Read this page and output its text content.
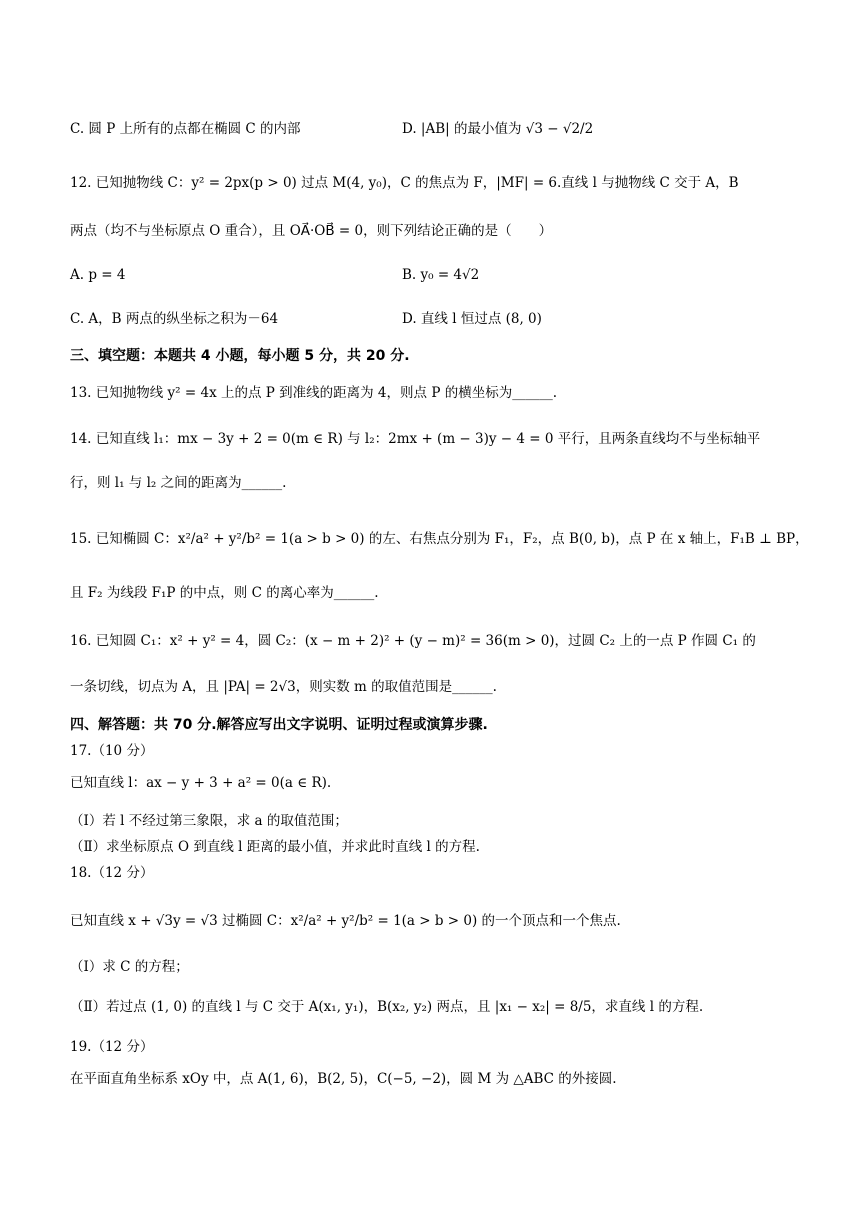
C. 圆 P 上所有的点都在椭圆 C 的内部	D. |AB| 的最小值为 √3 − √2/2
12. 已知抛物线 C：y² = 2px(p > 0) 过点 M(4, y₀)，C 的焦点为 F，|MF| = 6.直线 l 与抛物线 C 交于 A，B
两点（均不与坐标原点 O 重合），且 OA⃗·OB⃗ = 0，则下列结论正确的是（　　）
A. p = 4	B. y₀ = 4√2
C. A，B 两点的纵坐标之积为－64	D. 直线 l 恒过点 (8, 0)
三、填空题：本题共 4 小题，每小题 5 分，共 20 分.
13. 已知抛物线 y² = 4x 上的点 P 到准线的距离为 4，则点 P 的横坐标为______.
14. 已知直线 l₁：mx − 3y + 2 = 0(m ∈ R) 与 l₂：2mx + (m − 3)y − 4 = 0 平行，且两条直线均不与坐标轴平
行，则 l₁ 与 l₂ 之间的距离为______.
15. 已知椭圆 C：x²/a² + y²/b² = 1(a > b > 0) 的左、右焦点分别为 F₁，F₂，点 B(0, b)，点 P 在 x 轴上，F₁B ⊥ BP，
且 F₂ 为线段 F₁P 的中点，则 C 的离心率为______.
16. 已知圆 C₁：x² + y² = 4，圆 C₂：(x − m + 2)² + (y − m)² = 36(m > 0)，过圆 C₂ 上的一点 P 作圆 C₁ 的
一条切线，切点为 A，且 |PA| = 2√3，则实数 m 的取值范围是______.
四、解答题：共 70 分.解答应写出文字说明、证明过程或演算步骤.
17.（10 分）
已知直线 l：ax − y + 3 + a² = 0(a ∈ R).
（Ⅰ）若 l 不经过第三象限，求 a 的取值范围；
（Ⅱ）求坐标原点 O 到直线 l 距离的最小值，并求此时直线 l 的方程.
18.（12 分）
已知直线 x + √3y = √3 过椭圆 C：x²/a² + y²/b² = 1(a > b > 0) 的一个顶点和一个焦点.
（Ⅰ）求 C 的方程；
（Ⅱ）若过点 (1, 0) 的直线 l 与 C 交于 A(x₁, y₁)，B(x₂, y₂) 两点，且 |x₁ − x₂| = 8/5，求直线 l 的方程.
19.（12 分）
在平面直角坐标系 xOy 中，点 A(1, 6)，B(2, 5)，C(−5, −2)，圆 M 为 △ABC 的外接圆.
